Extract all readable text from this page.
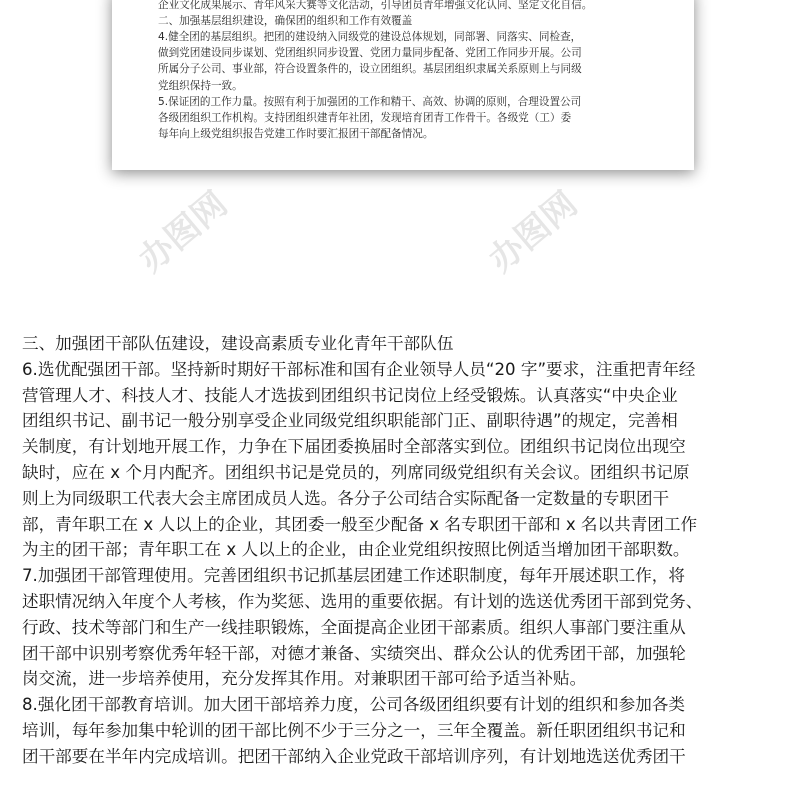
办图网	办图网
企业文化成果展示、青年风采大赛等文化活动，引导团员青年增强文化认同、坚定文化自信。
二、加强基层组织建设，确保团的组织和工作有效覆盖
4.健全团的基层组织。把团的建设纳入同级党的建设总体规划，同部署、同落实、同检查，
做到党团建设同步谋划、党团组织同步设置、党团力量同步配备、党团工作同步开展。公司
所属分子公司、事业部，符合设置条件的，设立团组织。基层团组织隶属关系原则上与同级
党组织保持一致。
5.保证团的工作力量。按照有利于加强团的工作和精干、高效、协调的原则，合理设置公司
各级团组织工作机构。支持团组织建青年社团，发现培育团青工作骨干。各级党（工）委
每年向上级党组织报告党建工作时要汇报团干部配备情况。
三、加强团干部队伍建设，建设高素质专业化青年干部队伍
6.选优配强团干部。坚持新时期好干部标准和国有企业领导人员“20 字”要求，注重把青年经
营管理人才、科技人才、技能人才选拔到团组织书记岗位上经受锻炼。认真落实“中央企业
团组织书记、副书记一般分别享受企业同级党组织职能部门正、副职待遇”的规定，完善相
关制度，有计划地开展工作，力争在下届团委换届时全部落实到位。团组织书记岗位出现空
缺时，应在 x 个月内配齐。团组织书记是党员的，列席同级党组织有关会议。团组织书记原
则上为同级职工代表大会主席团成员人选。各分子公司结合实际配备一定数量的专职团干
部，青年职工在 x 人以上的企业，其团委一般至少配备 x 名专职团干部和 x 名以共青团工作
为主的团干部；青年职工在 x 人以上的企业，由企业党组织按照比例适当增加团干部职数。
7.加强团干部管理使用。完善团组织书记抓基层团建工作述职制度，每年开展述职工作，将
述职情况纳入年度个人考核，作为奖惩、选用的重要依据。有计划的选送优秀团干部到党务、
行政、技术等部门和生产一线挂职锻炼，全面提高企业团干部素质。组织人事部门要注重从
团干部中识别考察优秀年轻干部，对德才兼备、实绩突出、群众公认的优秀团干部，加强轮
岗交流，进一步培养使用，充分发挥其作用。对兼职团干部可给予适当补贴。
8.强化团干部教育培训。加大团干部培养力度，公司各级团组织要有计划的组织和参加各类
培训，每年参加集中轮训的团干部比例不少于三分之一，三年全覆盖。新任职团组织书记和
团干部要在半年内完成培训。把团干部纳入企业党政干部培训序列，有计划地选送优秀团干
